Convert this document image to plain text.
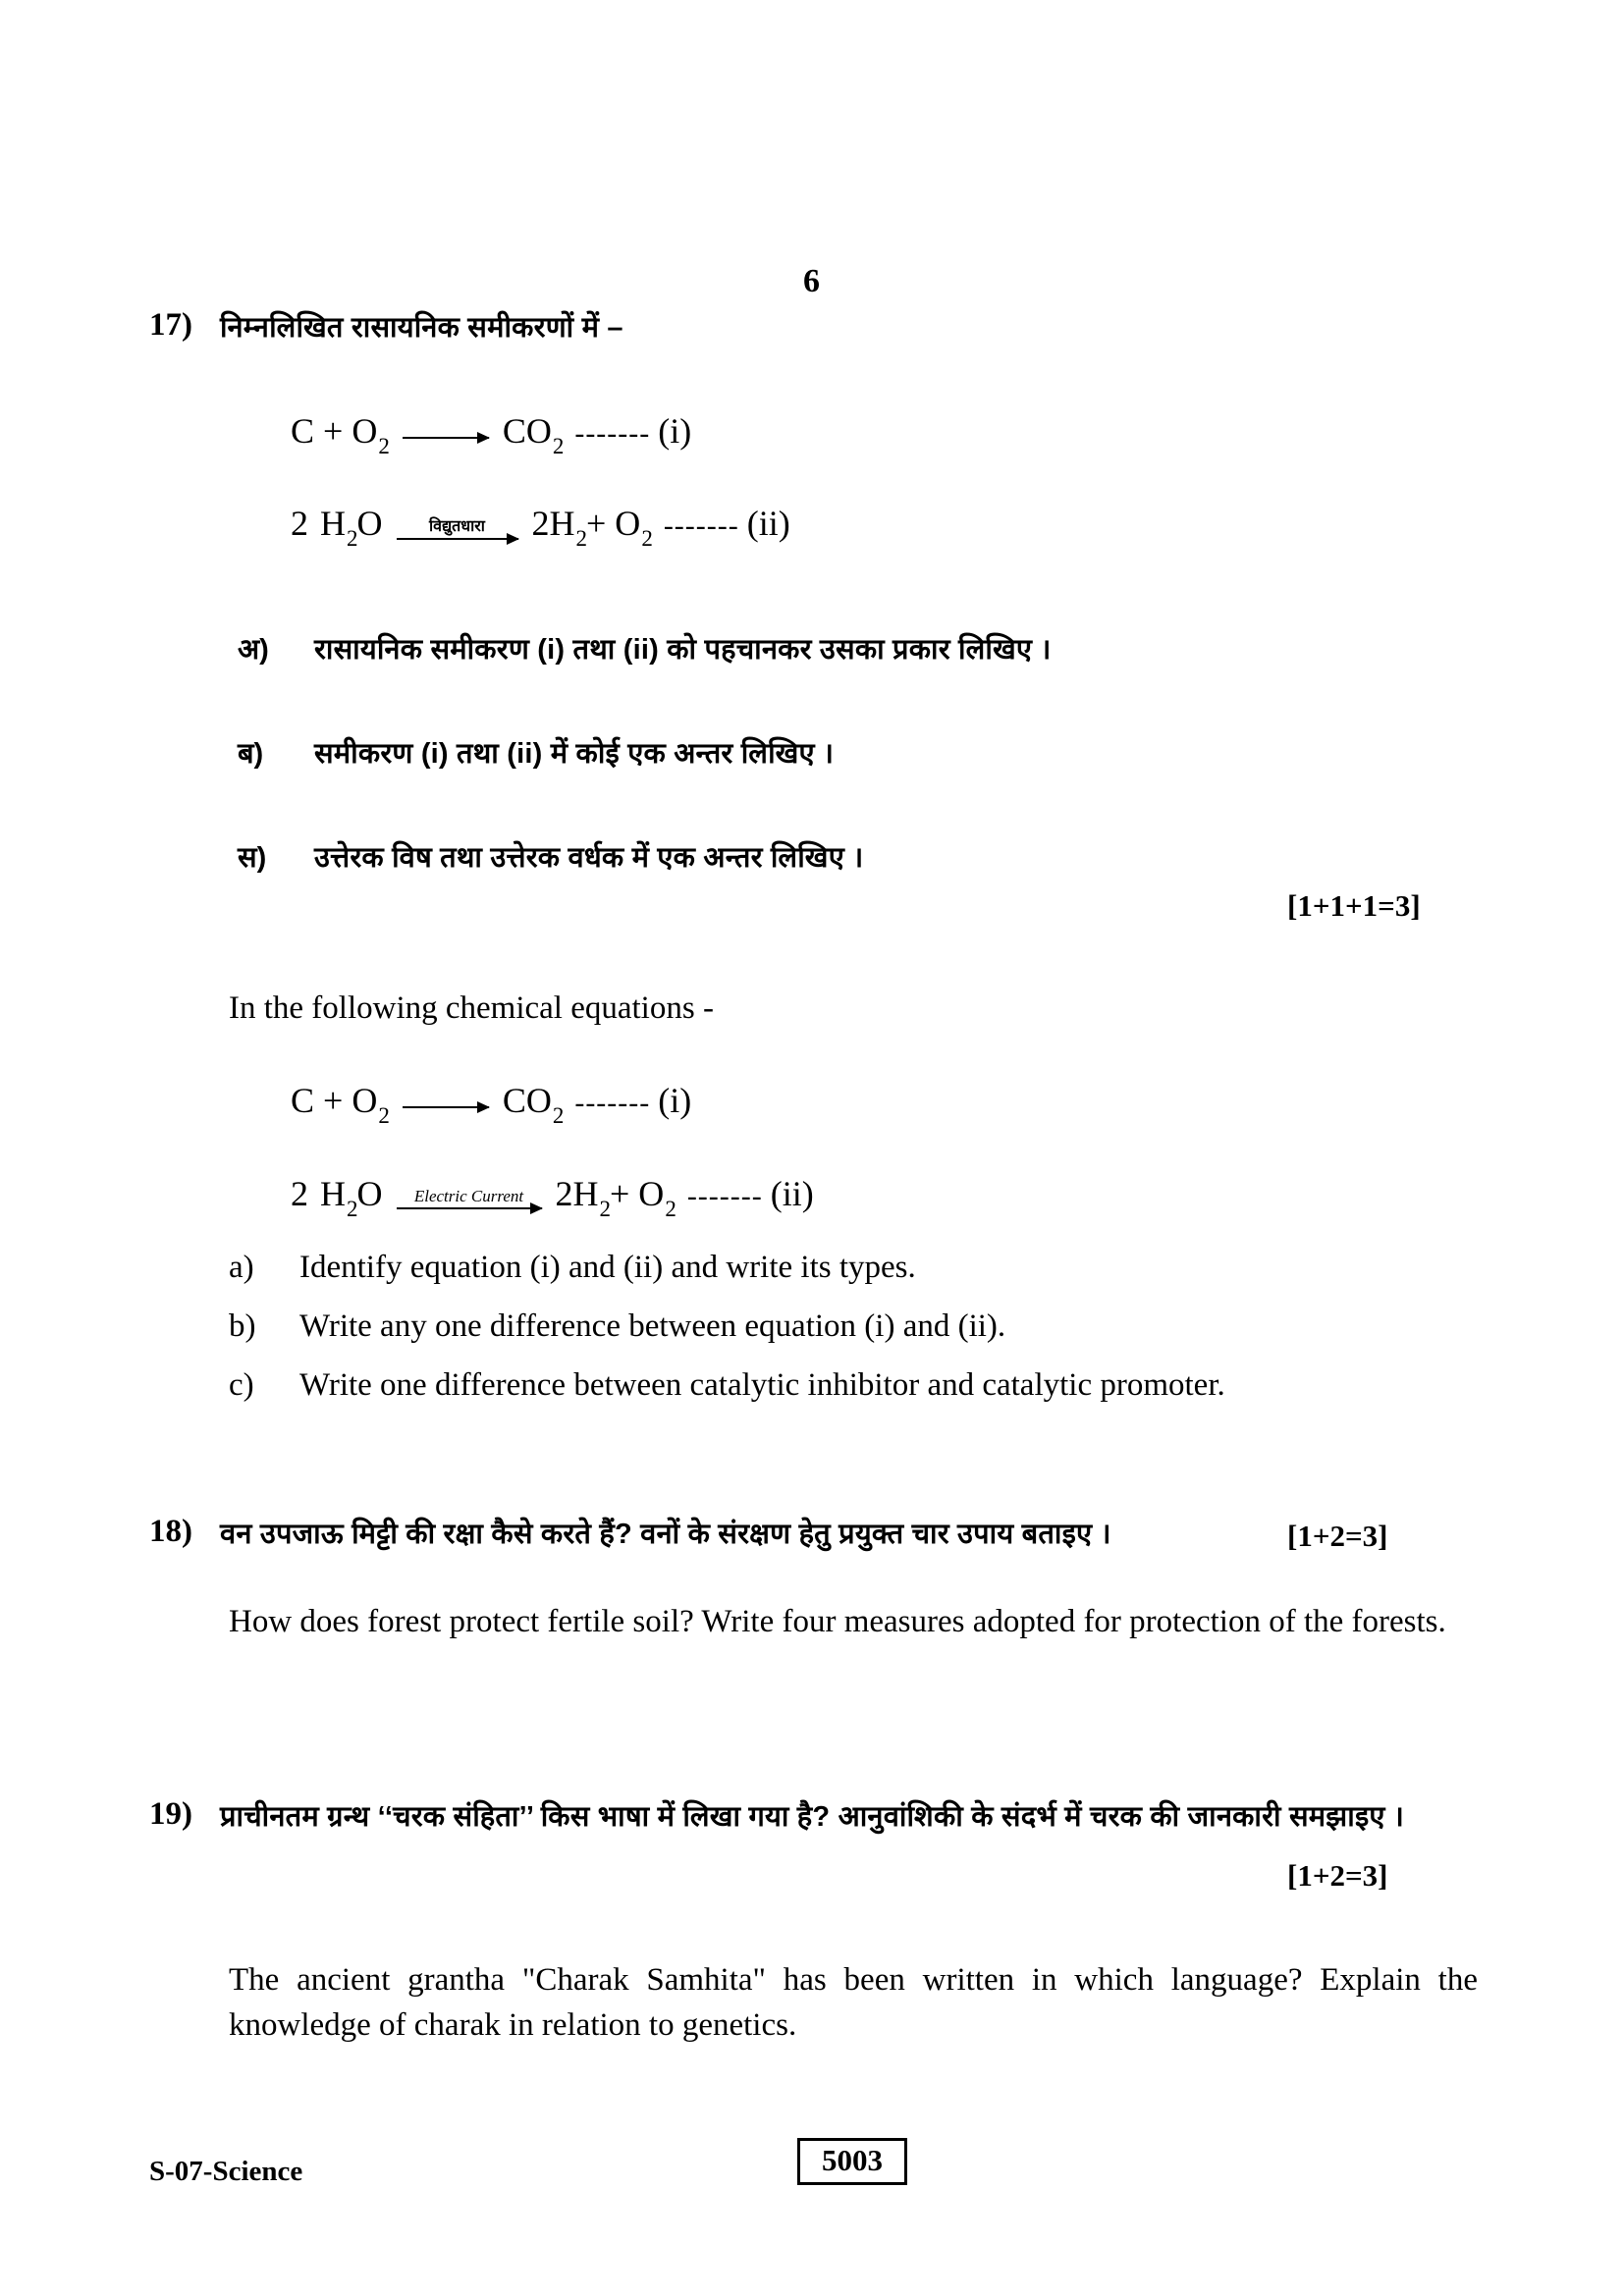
6
17) निम्नलिखित रासायनिक समीकरणों में –
C + O 2 → CO 2 ------- (i)
2 H 2 O	विद्युतधारा 2H 2 + O 2 ------- (ii)
अ)	रासायनिक समीकरण (i) तथा (ii) को पहचानकर उसका प्रकार लिखिए ।
ब)	समीकरण (i) तथा (ii) में कोई एक अन्तर लिखिए ।
स)	उत्तेरक विष तथा उत्तेरक वर्धक में एक अन्तर लिखिए ।
[1+1+1=3]
In the following chemical equations -
C + O 2 → CO 2 ------- (i)
2 H 2 O Electric Current 2H 2 + O 2 ------- (ii)
a)	Identify equation (i) and (ii) and write its types.
b)	Write any one difference between equation (i) and (ii).
c)	Write one difference between catalytic inhibitor and catalytic promoter.
18) वन उपजाऊ मिट्टी की रक्षा कैसे करते हैं? वनों के संरक्षण हेतु प्रयुक्त चार उपाय बताइए ।	[1+2=3]
How does forest protect fertile soil? Write four measures adopted for protection of the forests.
19) प्राचीनतम ग्रन्थ ‘‘चरक संहिता’’ किस भाषा में लिखा गया है? आनुवांशिकी के संदर्भ में चरक की जानकारी समझाइए ।
[1+2=3]
The ancient grantha "Charak Samhita" has been written in which language? Explain the knowledge of charak in relation to genetics.
S-07-Science	5003
